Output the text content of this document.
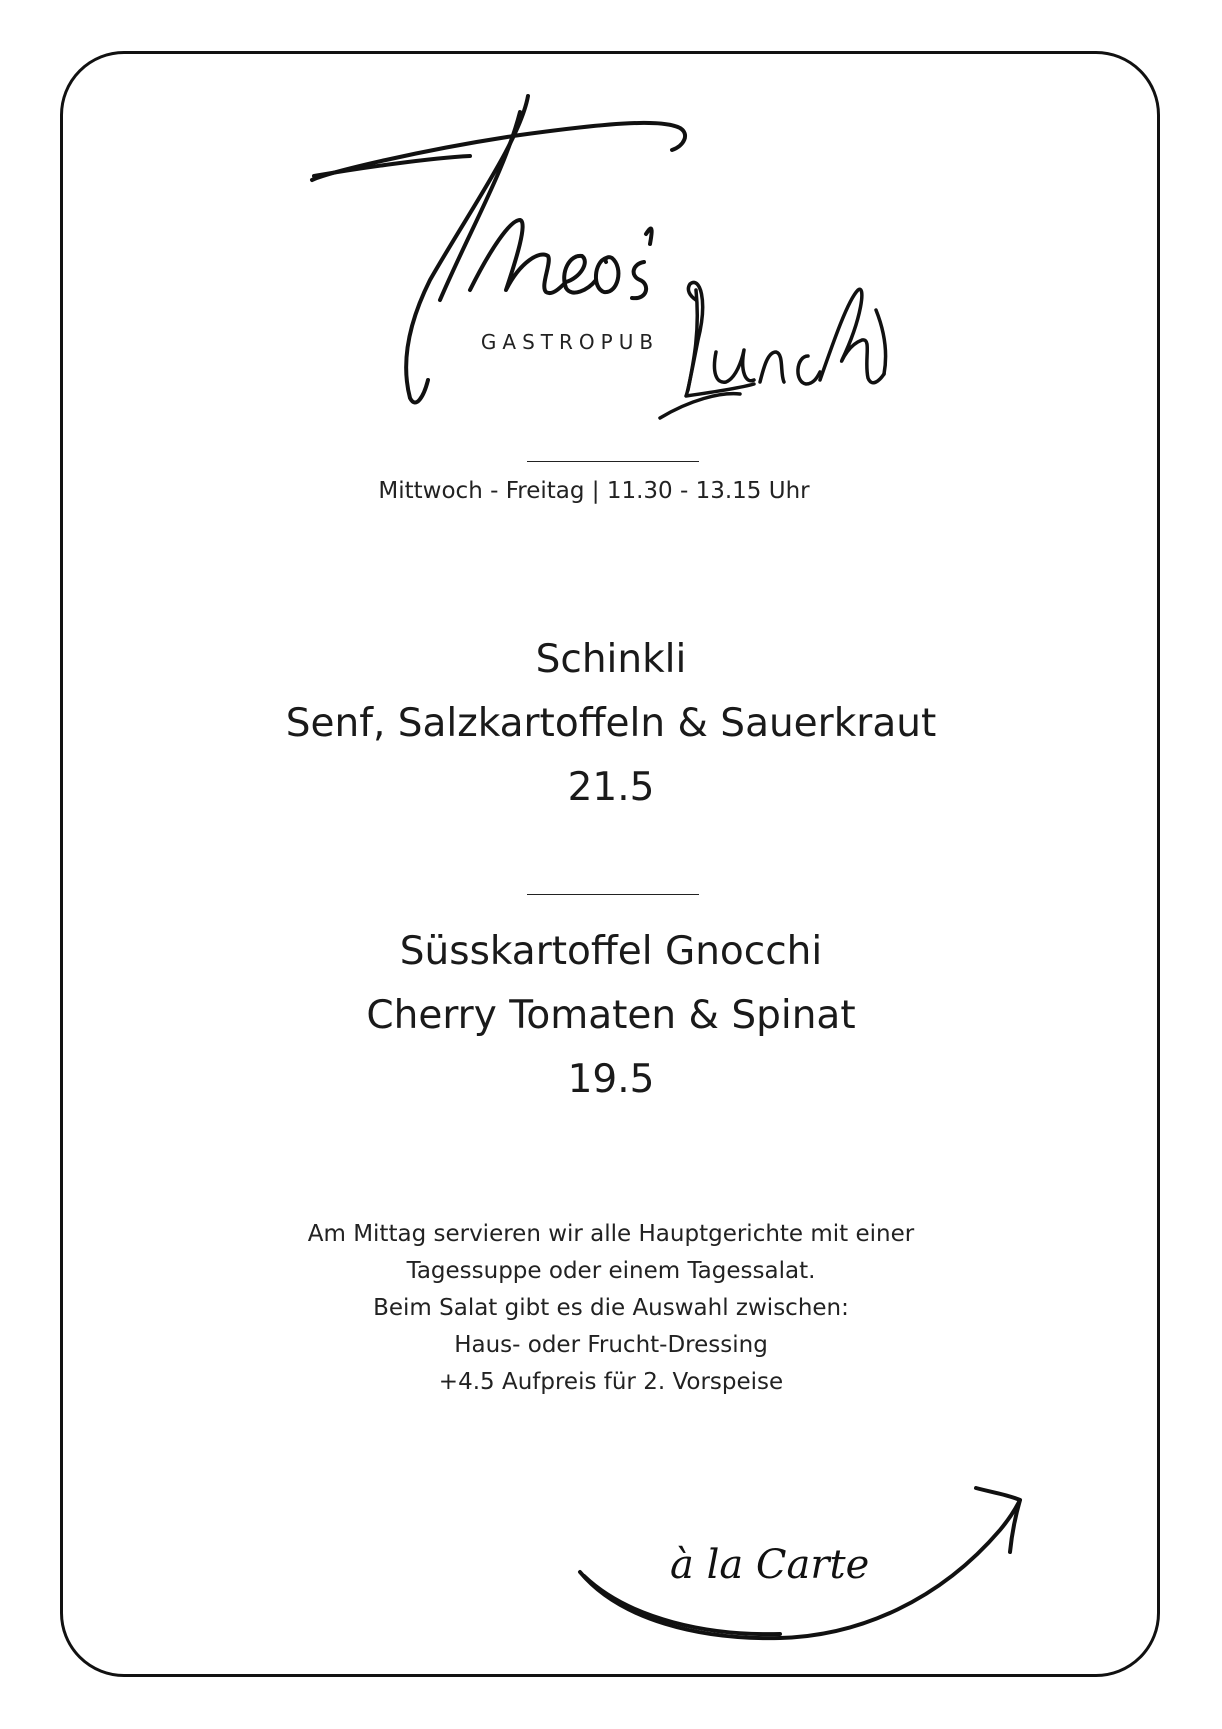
GASTROPUB
Mittwoch - Freitag | 11.30 - 13.15 Uhr
Schinkli
Senf, Salzkartoffeln & Sauerkraut
21.5
Süsskartoffel Gnocchi
Cherry Tomaten & Spinat
19.5
Am Mittag servieren wir alle Hauptgerichte mit einer
Tagessuppe oder einem Tagessalat.
Beim Salat gibt es die Auswahl zwischen:
Haus- oder Frucht-Dressing
+4.5 Aufpreis für 2. Vorspeise
à la Carte
